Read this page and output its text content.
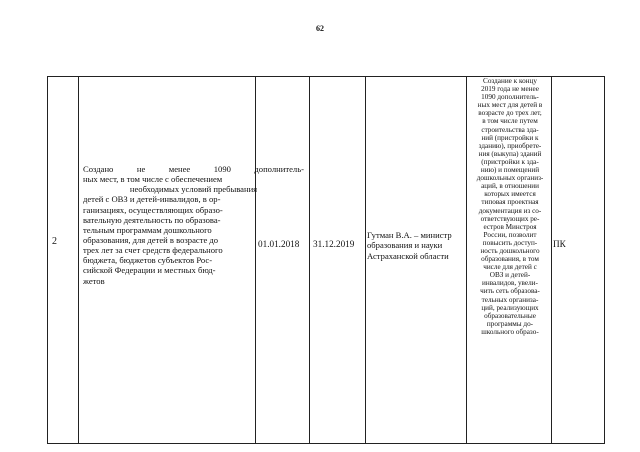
62
2
Создано не менее 1090 дополнитель-
ных мест, в том числе с обеспечением
необходимых условий пребывания
детей с ОВЗ и детей-инвалидов, в ор-
ганизациях, осуществляющих образо-
вательную деятельность по образова-
тельным программам дошкольного
образования, для детей в возрасте до
трех лет за счет средств федерального
бюджета, бюджетов субъектов Рос-
сийской Федерации и местных бюд-
жетов
01.01.2018	31.12.2019
Гутман В.А. – министр
образования и науки
Астраханской области
Создание к концу
2019 года не менее
1090 дополнитель-
ных мест для детей в
возрасте до трех лет,
в том числе путем
строительства зда-
ний (пристройки к
зданию), приобрете-
ния (выкупа) зданий
(пристройки к зда-
нию) и помещений
дошкольных организ-
аций, в отношении
которых имеется
типовая проектная
документация из со-
ответствующих ре-
естров Минстроя
России, позволит
повысить доступ-
ность дошкольного
образования, в том
числе для детей с
ОВЗ и детей-
инвалидов, увели-
чить сеть образова-
тельных организа-
ций, реализующих
образовательные
программы до-
школьного образо-
ПК
